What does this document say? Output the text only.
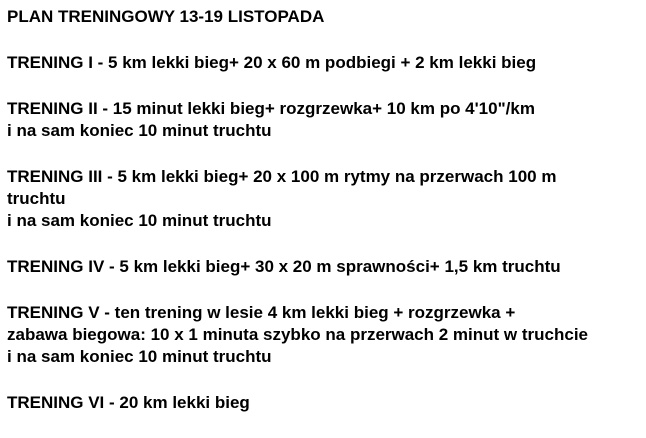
PLAN TRENINGOWY 13-19 LISTOPADA

TRENING I - 5 km lekki bieg+ 20 x 60 m podbiegi + 2 km lekki bieg

TRENING II - 15 minut lekki bieg+ rozgrzewka+ 10 km po 4'10"/km
i na sam koniec 10 minut truchtu

TRENING III - 5 km lekki bieg+ 20 x 100 m rytmy na przerwach 100 m
truchtu
i na sam koniec 10 minut truchtu

TRENING IV - 5 km lekki bieg+ 30 x 20 m sprawności+ 1,5 km truchtu

TRENING V - ten trening w lesie 4 km lekki bieg + rozgrzewka +
zabawa biegowa: 10 x 1 minuta szybko na przerwach 2 minut w truchcie
i na sam koniec 10 minut truchtu

TRENING VI - 20 km lekki bieg
